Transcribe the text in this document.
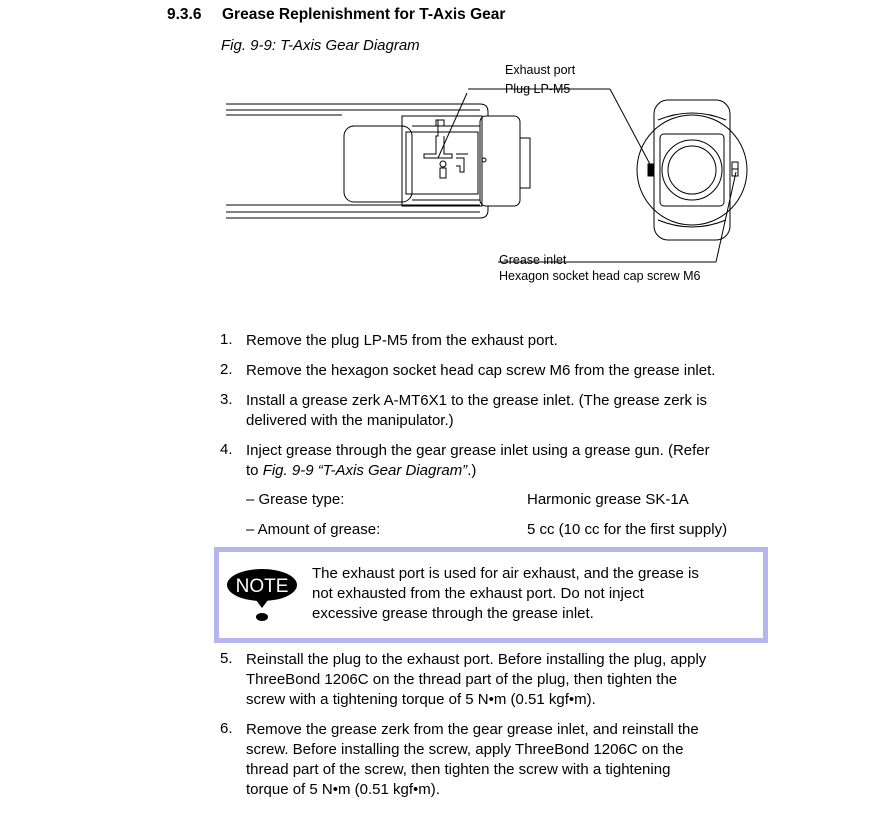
9.3.6 Grease Replenishment for T-Axis Gear
Fig. 9-9: T-Axis Gear Diagram
Exhaust port
Plug LP-M5
Grease inlet
Hexagon socket head cap screw M6
1. Remove the plug LP-M5 from the exhaust port.
2. Remove the hexagon socket head cap screw M6 from the grease inlet.
3. Install a grease zerk A-MT6X1 to the grease inlet. (The grease zerk is
delivered with the manipulator.)
4. Inject grease through the gear grease inlet using a grease gun. (Refer
to Fig. 9-9 “T-Axis Gear Diagram”.)
– Grease type:	Harmonic grease SK-1A
– Amount of grease:	5 cc (10 cc for the first supply)
NOTE
The exhaust port is used for air exhaust, and the grease is
not exhausted from the exhaust port. Do not inject
excessive grease through the grease inlet.
5. Reinstall the plug to the exhaust port. Before installing the plug, apply
ThreeBond 1206C on the thread part of the plug, then tighten the
screw with a tightening torque of 5 N•m (0.51 kgf•m).
6. Remove the grease zerk from the gear grease inlet, and reinstall the
screw. Before installing the screw, apply ThreeBond 1206C on the
thread part of the screw, then tighten the screw with a tightening
torque of 5 N•m (0.51 kgf•m).
